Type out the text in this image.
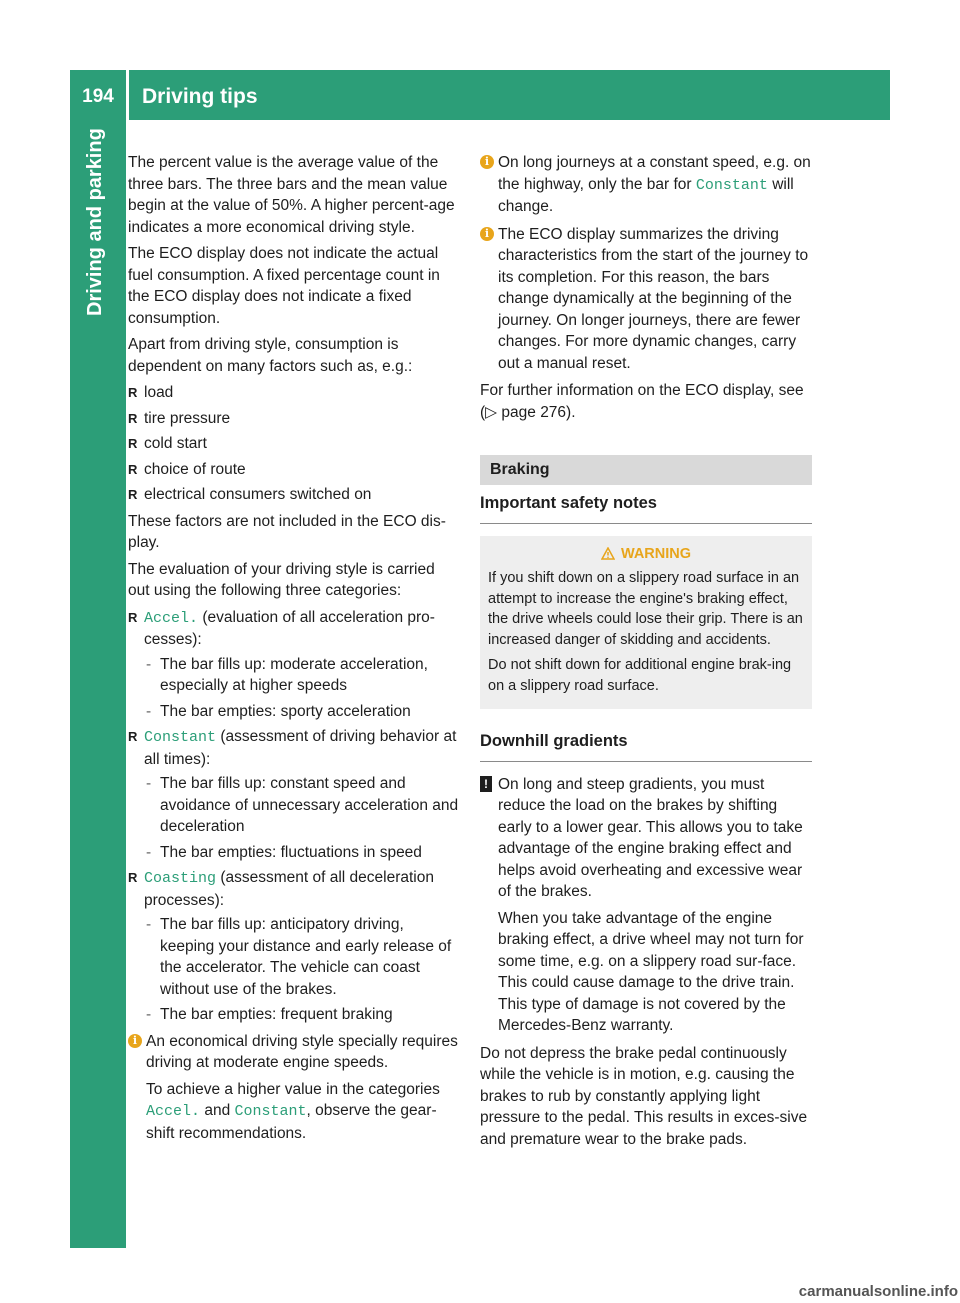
194	Driving tips
Driving and parking The percent value is the average value of the three bars. The three bars and the mean value begin at the value of 50%. A higher percent-age indicates a more economical driving style.

The ECO display does not indicate the actual fuel consumption. A fixed percentage count in the ECO display does not indicate a fixed consumption.

Apart from driving style, consumption is dependent on many factors such as, e.g.:

R load
R tire pressure
R cold start
R choice of route
R electrical consumers switched on

These factors are not included in the ECO dis-play.

The evaluation of your driving style is carried out using the following three categories:

R Accel. (evaluation of all acceleration pro-cesses):
- The bar fills up: moderate acceleration, especially at higher speeds
- The bar empties: sporty acceleration
R Constant (assessment of driving behavior at all times):
- The bar fills up: constant speed and avoidance of unnecessary acceleration and deceleration
- The bar empties: fluctuations in speed
R Coasting (assessment of all deceleration processes):
- The bar fills up: anticipatory driving, keeping your distance and early release of the accelerator. The vehicle can coast without use of the brakes.
- The bar empties: frequent braking
i An economical driving style specially requires driving at moderate engine speeds.

To achieve a higher value in the categories Accel. and Constant, observe the gear-shift recommendations.

i On long journeys at a constant speed, e.g. on the highway, only the bar for Constant will change.

i The ECO display summarizes the driving characteristics from the start of the journey to its completion. For this reason, the bars change dynamically at the beginning of the journey. On longer journeys, there are fewer changes. For more dynamic changes, carry out a manual reset.

For further information on the ECO display, see (▷ page 276).

Braking
Important safety notes
WARNING

If you shift down on a slippery road surface in an attempt to increase the engine's braking effect, the drive wheels could lose their grip. There is an increased danger of skidding and accidents.

Do not shift down for additional engine brak-ing on a slippery road surface.

Downhill gradients
! On long and steep gradients, you must reduce the load on the brakes by shifting early to a lower gear. This allows you to take advantage of the engine braking effect and helps avoid overheating and excessive wear of the brakes.

When you take advantage of the engine braking effect, a drive wheel may not turn for some time, e.g. on a slippery road sur-face. This could cause damage to the drive train. This type of damage is not covered by the Mercedes-Benz warranty.

Do not depress the brake pedal continuously while the vehicle is in motion, e.g. causing the brakes to rub by constantly applying light pressure to the pedal. This results in exces-sive and premature wear to the brake pads.

carmanualsonline.info
